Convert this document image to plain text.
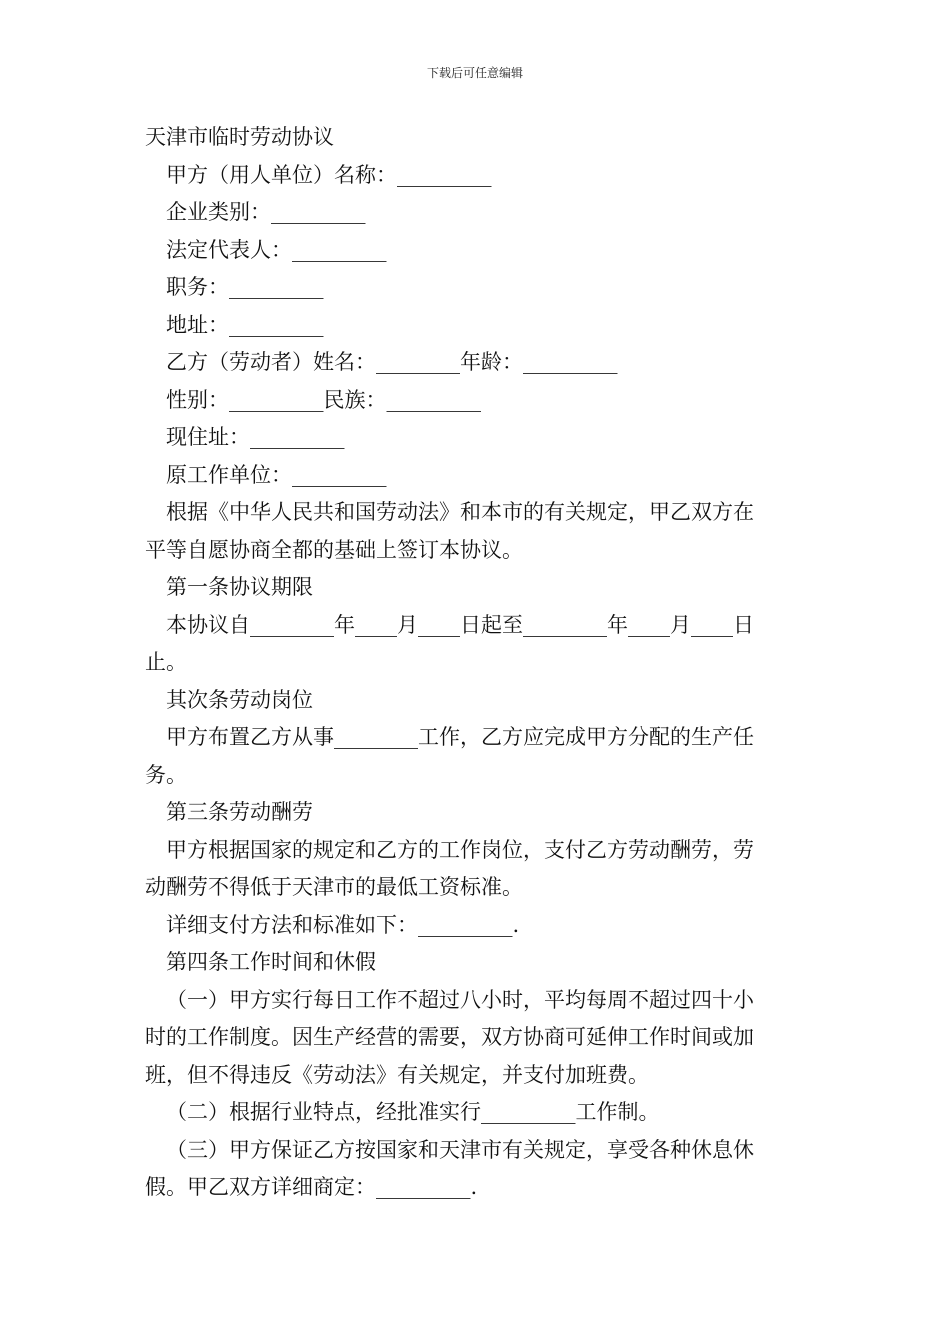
下载后可任意编辑
天津市临时劳动协议
甲方（用人单位）名称：_________
企业类别：_________
法定代表人：_________
职务：_________
地址：_________
乙方（劳动者）姓名：________年龄：_________
性别：_________民族：_________
现住址：_________
原工作单位：_________
根据《中华人民共和国劳动法》和本市的有关规定，甲乙双方在
平等自愿协商全都的基础上签订本协议。
第一条协议期限
本协议自________年____月____日起至________年____月____日
止。
其次条劳动岗位
甲方布置乙方从事________工作，乙方应完成甲方分配的生产任
务。
第三条劳动酬劳
甲方根据国家的规定和乙方的工作岗位，支付乙方劳动酬劳，劳
动酬劳不得低于天津市的最低工资标准。
详细支付方法和标准如下：_________.
第四条工作时间和休假
（一）甲方实行每日工作不超过八小时，平均每周不超过四十小
时的工作制度。因生产经营的需要，双方协商可延伸工作时间或加
班，但不得违反《劳动法》有关规定，并支付加班费。
（二）根据行业特点，经批准实行_________工作制。
（三）甲方保证乙方按国家和天津市有关规定，享受各种休息休
假。甲乙双方详细商定：_________.
